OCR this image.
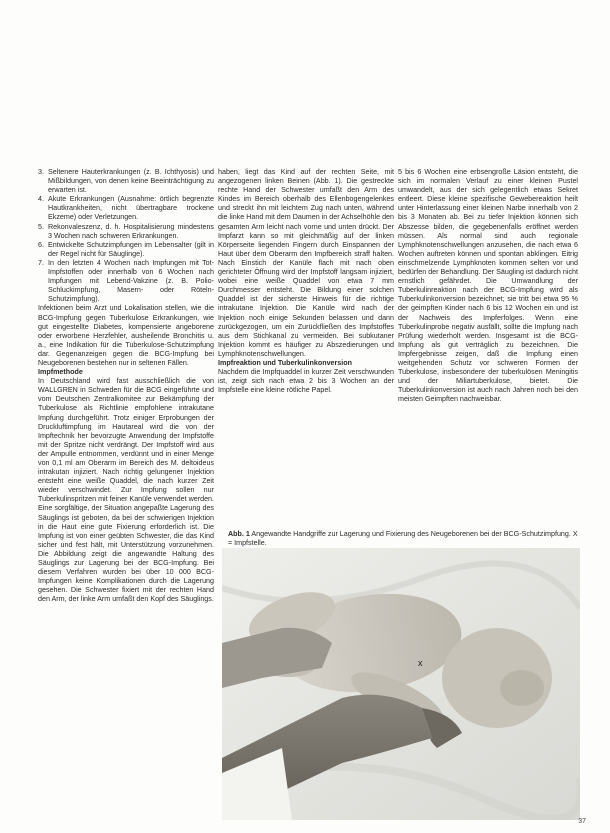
3. Seltenere Hauterkrankungen (z. B. Ichthyosis) und Mißbildungen, von denen keine Beeinträchtigung zu erwarten ist.
4. Akute Erkrankungen (Ausnahme: örtlich begrenzte Hautkrankheiten, nicht übertragbare trockene Ekzeme) oder Verletzungen.
5. Rekonvaleszenz, d. h. Hospitalisierung mindestens 3 Wochen nach schweren Erkrankungen.
6. Entwickelte Schutzimpfungen im Lebensalter (gilt in der Regel nicht für Säuglinge).
7. In den letzten 4 Wochen nach Impfungen mit Tot-Impfstoffen oder innerhalb von 6 Wochen nach Impfungen mit Lebend-Vakzine (z. B. Polio-Schluckimpfung, Masern- oder Röteln-Schutzimpfung).

Infektionen beim Arzt und Lokalisation stellen, wie die BCG-Impfung gegen Tuberkulose Erkrankungen, wie gut eingestellte Diabetes, kompensierte angeborene oder erworbene Herzfehler, ausheilende Bronchitis u. a., eine Indikation für die Tuberkulose-Schutzimpfung dar. Gegenanzeigen gegen die BCG-Impfung bei Neugeborenen bestehen nur in seltenen Fällen.

Impfmethode

In Deutschland wird fast ausschließlich die von WALLGREN in Schweden für die BCG eingeführte und vom Deutschen Zentralkomitee zur Bekämpfung der Tuberkulose als Richtlinie empfohlene intrakutane Impfung durchgeführt. Trotz einiger Erprobungen der Druckluftimpfung im Hautareal wird die von der Impftechnik her bevorzugte Anwendung der Impfstoffe mit der Spritze nicht verdrängt. Der Impfstoff wird aus der Ampulle entnommen, verdünnt und in einer Menge von 0,1 ml am Oberarm im Bereich des M. deltoideus intrakutan injiziert. Nach richtig gelungener Injektion entsteht eine weiße Quaddel, die nach kurzer Zeit wieder verschwindet. Zur Impfung sollen nur Tuberkulinspritzen mit feiner Kanüle verwendet werden. Eine sorgfältige, der Situation angepaßte Lagerung des Säuglings ist geboten, da bei der schwierigen Injektion in die Haut eine gute Fixierung erforderlich ist. Die Impfung ist von einer geübten Schwester, die das Kind sicher und fest hält, mit Unterstützung vorzunehmen. Die Abbildung zeigt die angewandte Haltung des Säuglings zur Lagerung bei der BCG-Impfung. Bei diesem Verfahren wurden bei über 10 000 BCG-Impfungen keine Komplikationen durch die Lagerung gesehen. Die Schwester fixiert mit der rechten Hand den Arm, der linke Arm umfaßt den Kopf des Säuglings.

haben, liegt das Kind auf der rechten Seite, mit angezogenen linken Beinen (Abb. 1). Die gestreckte rechte Hand der Schwester umfaßt den Arm des Kindes im Bereich oberhalb des Ellenbogengelenkes und streckt ihn mit leichtem Zug nach unten, während die linke Hand mit dem Daumen in der Achselhöhle den gesamten Arm leicht nach vorne und unten drückt. Der Impfarzt kann so mit gleichmäßig auf der linken Körperseite liegenden Fingern durch Einspannen der Haut über dem Oberarm den Impfbereich straff halten. Nach Einstich der Kanüle flach mit nach oben gerichteter Öffnung wird der Impfstoff langsam injiziert, wobei eine weiße Quaddel von etwa 7 mm Durchmesser entsteht. Die Bildung einer solchen Quaddel ist der sicherste Hinweis für die richtige intrakutane Injektion. Die Kanüle wird nach der Injektion noch einige Sekunden belassen und dann zurückgezogen, um ein Zurückfließen des Impfstoffes aus dem Stichkanal zu vermeiden. Bei subkutaner Injektion kommt es häufiger zu Abszedierungen und Lymphknotenschwellungen.

Impfreaktion und Tuberkulinkonversion

Nachdem die Impfquaddel in kurzer Zeit verschwunden ist, zeigt sich nach etwa 2 bis 3 Wochen an der Impfstelle eine kleine rötliche Papel.

5 bis 6 Wochen eine erbsengroße Läsion entsteht, die sich im normalen Verlauf zu einer kleinen Pustel umwandelt, aus der sich gelegentlich etwas Sekret entleert. Diese kleine spezifische Gewebereaktion heilt unter Hinterlassung einer kleinen Narbe innerhalb von 2 bis 3 Monaten ab. Bei zu tiefer Injektion können sich Abszesse bilden, die gegebenenfalls eröffnet werden müssen. Als normal sind auch regionale Lymphknotenschwellungen anzusehen, die nach etwa 6 Wochen auftreten können und spontan abklingen. Eitrig einschmelzende Lymphknoten kommen selten vor und bedürfen der Behandlung. Der Säugling ist dadurch nicht ernstlich gefährdet. Die Umwandlung der Tuberkulinreaktion nach der BCG-Impfung wird als Tuberkulinkonversion bezeichnet; sie tritt bei etwa 95 % der geimpften Kinder nach 6 bis 12 Wochen ein und ist der Nachweis des Impferfolges. Wenn eine Tuberkulinprobe negativ ausfällt, sollte die Impfung nach Prüfung wiederholt werden. Insgesamt ist die BCG-Impfung als gut verträglich zu bezeichnen. Die Impfergebnisse zeigen, daß die Impfung einen weitgehenden Schutz vor schweren Formen der Tuberkulose, insbesondere der tuberkulösen Meningitis und der Miliartuberkulose, bietet. Die Tuberkulinkonversion ist auch nach Jahren noch bei den meisten Geimpften nachweisbar.

Abb. 1 Angewandte Handgriffe zur Lagerung und Fixierung des Neugeborenen bei der BCG-Schutzimpfung. X = Impfstelle.
x
37
